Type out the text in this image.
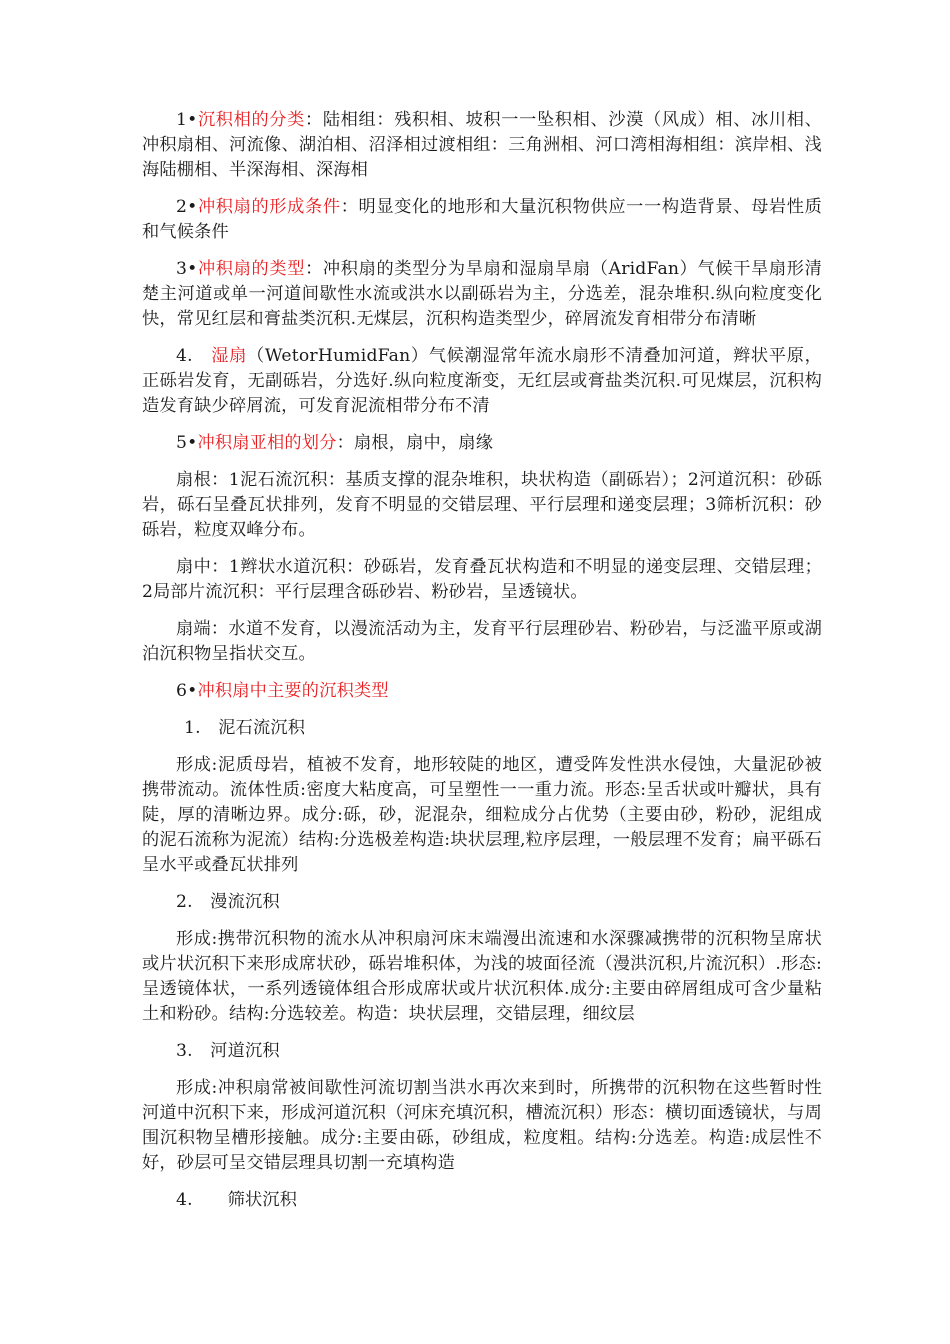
1•沉积相的分类：陆相组：残积相、坡积一一坠积相、沙漠（风成）相、冰川相、冲积扇相、河流像、湖泊相、沼泽相过渡相组：三角洲相、河口湾相海相组：滨岸相、浅海陆棚相、半深海相、深海相

2•冲积扇的形成条件：明显变化的地形和大量沉积物供应一一构造背景、母岩性质和气候条件

3•冲积扇的类型：冲积扇的类型分为旱扇和湿扇旱扇（AridFan）气候干旱扇形清楚主河道或单一河道间歇性水流或洪水以副砾岩为主，分选差，混杂堆积.纵向粒度变化快，常见红层和膏盐类沉积.无煤层，沉积构造类型少，碎屑流发育相带分布清晰

4.　湿扇（WetorHumidFan）气候潮湿常年流水扇形不清叠加河道，辫状平原，正砾岩发育，无副砾岩，分选好.纵向粒度渐变，无红层或膏盐类沉积.可见煤层，沉积构造发育缺少碎屑流，可发育泥流相带分布不清

5•冲积扇亚相的划分：扇根，扇中，扇缘

扇根：1泥石流沉积：基质支撑的混杂堆积，块状构造（副砾岩）；2河道沉积：砂砾岩，砾石呈叠瓦状排列，发育不明显的交错层理、平行层理和递变层理；3筛析沉积：砂砾岩，粒度双峰分布。

扇中：1辫状水道沉积：砂砾岩，发育叠瓦状构造和不明显的递变层理、交错层理；2局部片流沉积：平行层理含砾砂岩、粉砂岩，呈透镜状。

扇端：水道不发育，以漫流活动为主，发育平行层理砂岩、粉砂岩，与泛滥平原或湖泊沉积物呈指状交互。

6•冲积扇中主要的沉积类型

1.　泥石流沉积

形成:泥质母岩，植被不发育，地形较陡的地区，遭受阵发性洪水侵蚀，大量泥砂被携带流动。流体性质:密度大粘度高，可呈塑性一一重力流。形态:呈舌状或叶瓣状，具有陡，厚的清晰边界。成分:砾，砂，泥混杂，细粒成分占优势（主要由砂，粉砂，泥组成的泥石流称为泥流）结构:分选极差构造:块状层理,粒序层理，一般层理不发育；扁平砾石呈水平或叠瓦状排列

2.　漫流沉积

形成:携带沉积物的流水从冲积扇河床末端漫出流速和水深骤减携带的沉积物呈席状或片状沉积下来形成席状砂，砾岩堆积体，为浅的坡面径流（漫洪沉积,片流沉积）.形态:呈透镜体状，一系列透镜体组合形成席状或片状沉积体.成分:主要由碎屑组成可含少量粘土和粉砂。结构:分选较差。构造：块状层理，交错层理，细纹层

3.　河道沉积

形成:冲积扇常被间歇性河流切割当洪水再次来到时，所携带的沉积物在这些暂时性河道中沉积下来，形成河道沉积（河床充填沉积，槽流沉积）形态：横切面透镜状，与周围沉积物呈槽形接触。成分:主要由砾，砂组成，粒度粗。结构:分选差。构造:成层性不好，砂层可呈交错层理具切割一充填构造

4.　　筛状沉积
